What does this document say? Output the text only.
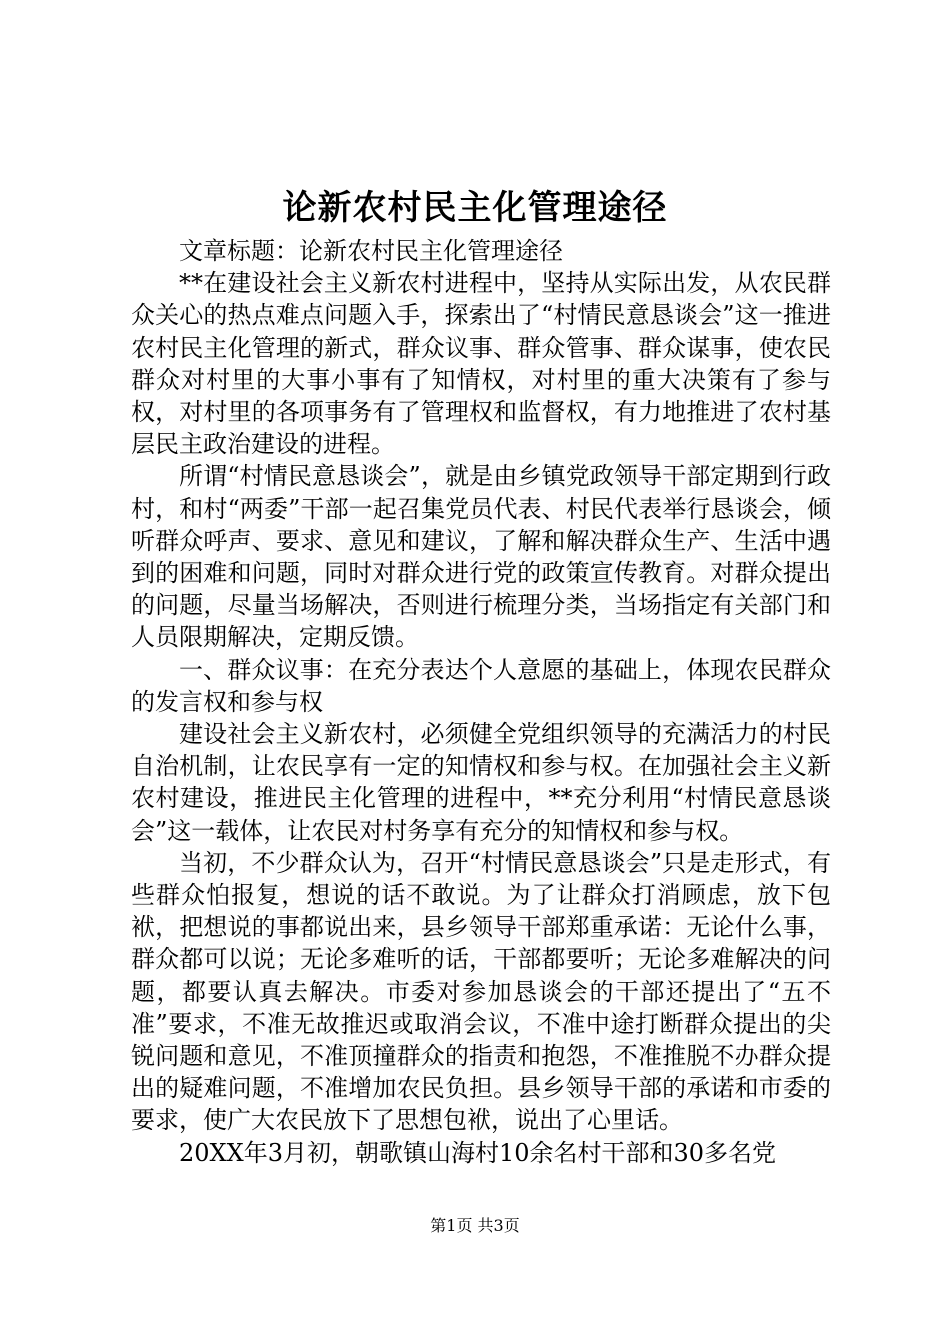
论新农村民主化管理途径

文章标题：论新农村民主化管理途径

**在建设社会主义新农村进程中，坚持从实际出发，从农民群众关心的热点难点问题入手，探索出了“村情民意恳谈会”这一推进农村民主化管理的新式，群众议事、群众管事、群众谋事，使农民群众对村里的大事小事有了知情权，对村里的重大决策有了参与权，对村里的各项事务有了管理权和监督权，有力地推进了农村基层民主政治建设的进程。

所谓“村情民意恳谈会”，就是由乡镇党政领导干部定期到行政村，和村“两委”干部一起召集党员代表、村民代表举行恳谈会，倾听群众呼声、要求、意见和建议，了解和解决群众生产、生活中遇到的困难和问题，同时对群众进行党的政策宣传教育。对群众提出的问题，尽量当场解决，否则进行梳理分类，当场指定有关部门和人员限期解决，定期反馈。

一、群众议事：在充分表达个人意愿的基础上，体现农民群众的发言权和参与权

建设社会主义新农村，必须健全党组织领导的充满活力的村民自治机制，让农民享有一定的知情权和参与权。在加强社会主义新农村建设，推进民主化管理的进程中，**充分利用“村情民意恳谈会”这一载体，让农民对村务享有充分的知情权和参与权。

当初，不少群众认为，召开“村情民意恳谈会”只是走形式，有些群众怕报复，想说的话不敢说。为了让群众打消顾虑，放下包袱，把想说的事都说出来，县乡领导干部郑重承诺：无论什么事，群众都可以说；无论多难听的话，干部都要听；无论多难解决的问题，都要认真去解决。市委对参加恳谈会的干部还提出了“五不准”要求，不准无故推迟或取消会议，不准中途打断群众提出的尖锐问题和意见，不准顶撞群众的指责和抱怨，不准推脱不办群众提出的疑难问题，不准增加农民负担。县乡领导干部的承诺和市委的要求，使广大农民放下了思想包袱，说出了心里话。

20XX年3月初，朝歌镇山海村10余名村干部和30多名党

第1页 共3页
